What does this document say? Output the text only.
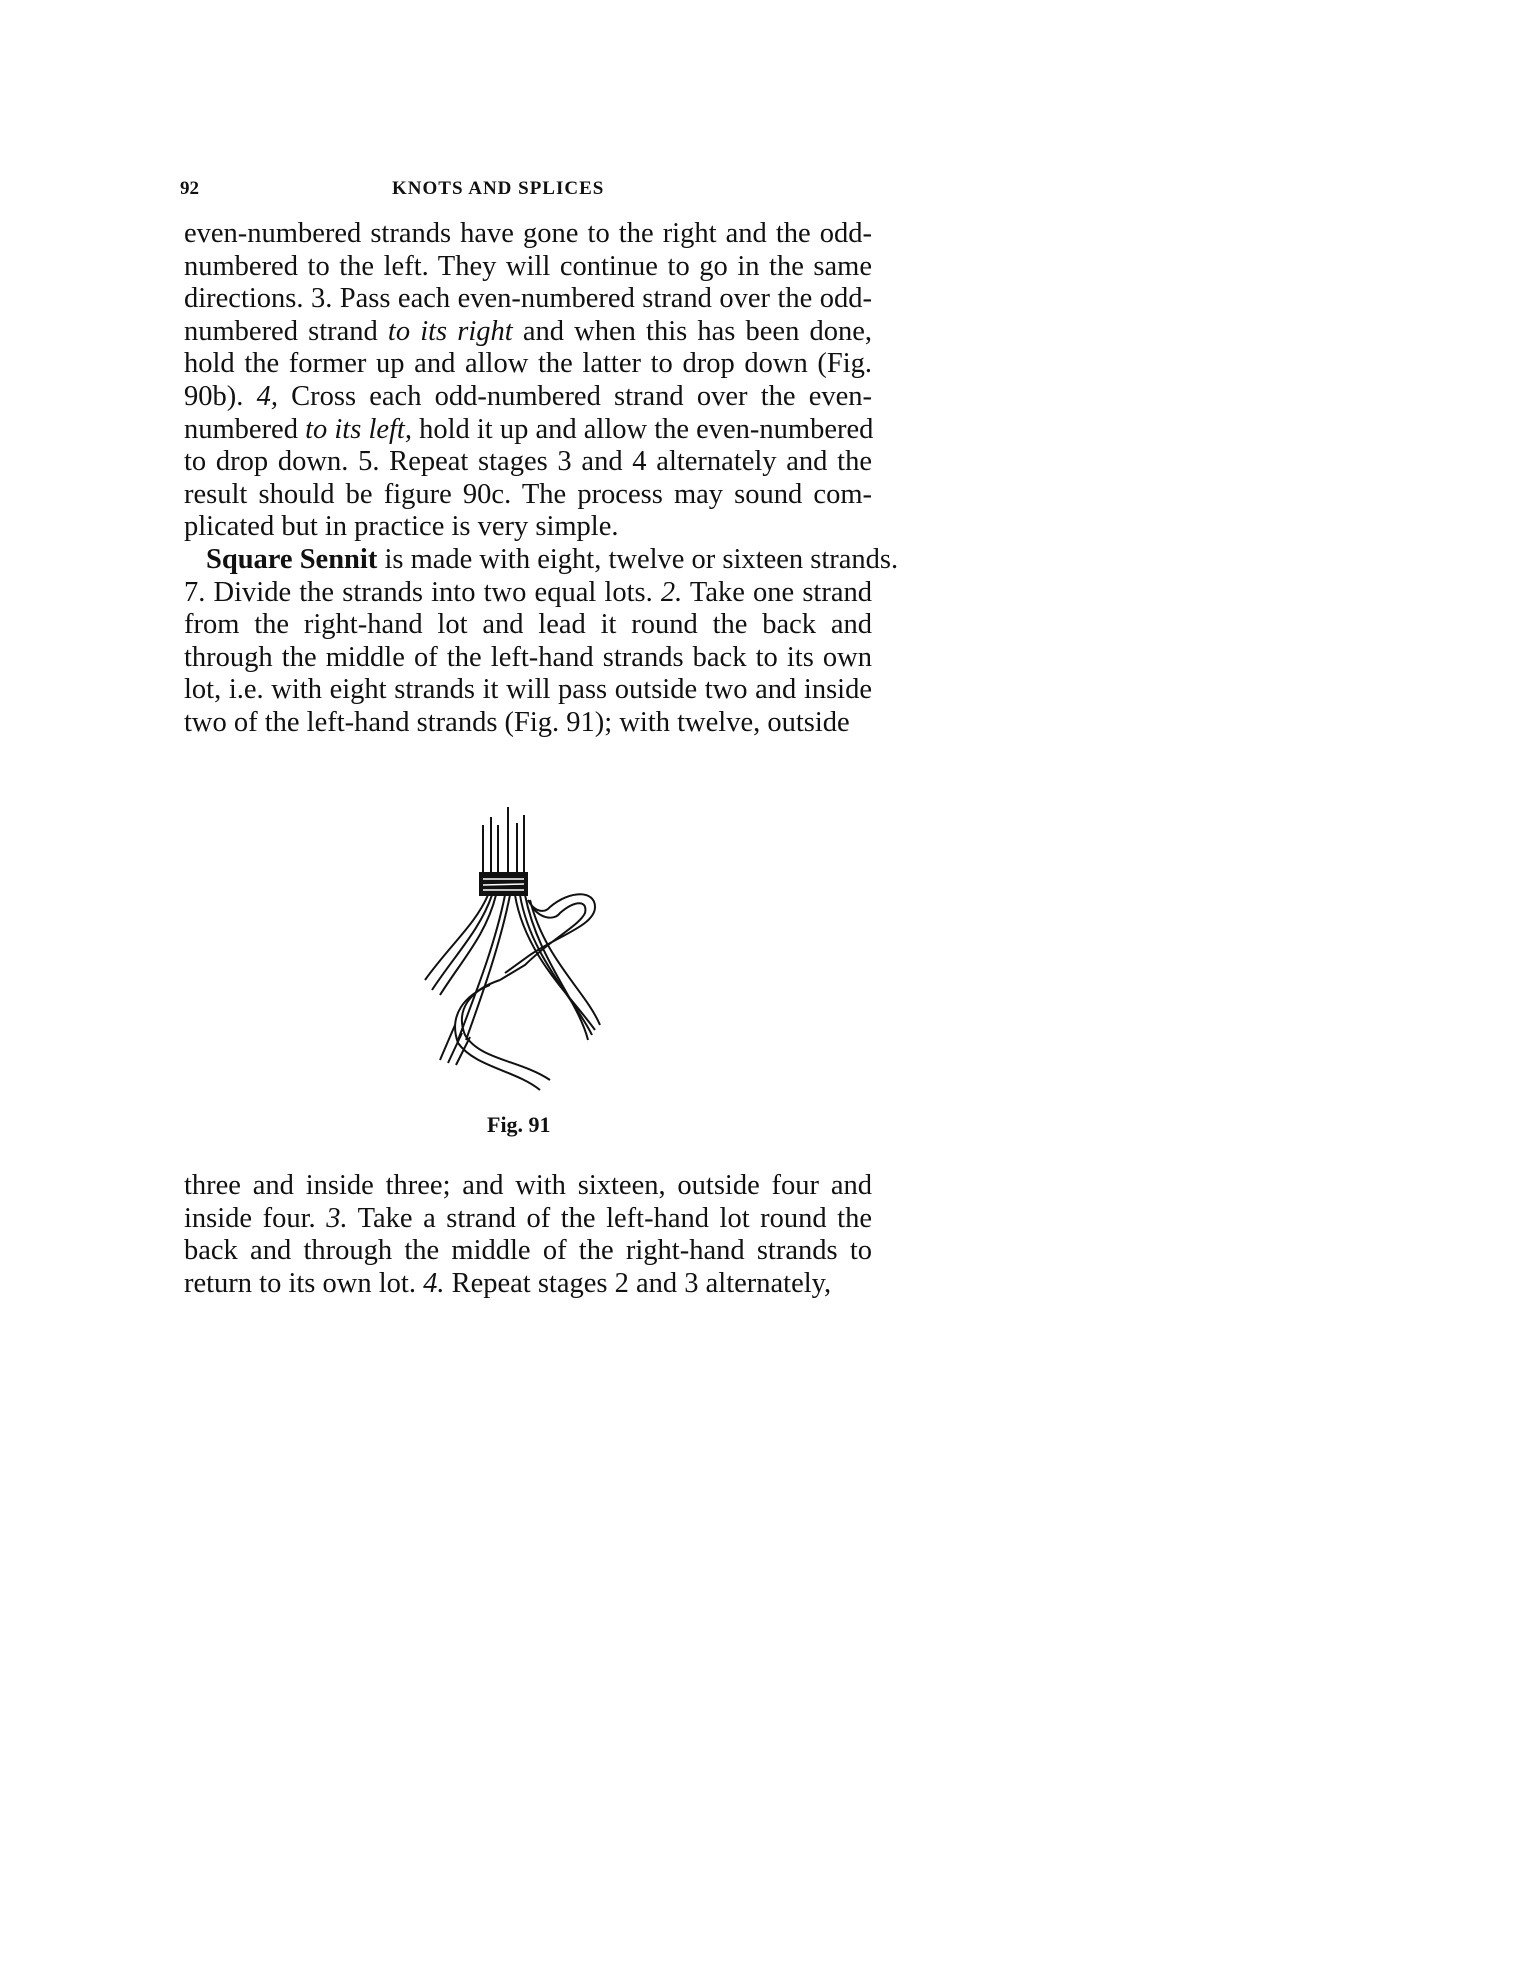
92	KNOTS AND SPLICES
even-numbered strands have gone to the right and the odd-
numbered to the left. They will continue to go in the same
directions. 3. Pass each even-numbered strand over the odd-
numbered strand to its right and when this has been done,
hold the former up and allow the latter to drop down (Fig.
90b). 4, Cross each odd-numbered strand over the even-
numbered to its left, hold it up and allow the even-numbered
to drop down. 5. Repeat stages 3 and 4 alternately and the
result should be figure 90c. The process may sound com-
plicated but in practice is very simple.
Square Sennit is made with eight, twelve or sixteen strands.
7. Divide the strands into two equal lots. 2. Take one strand
from the right-hand lot and lead it round the back and
through the middle of the left-hand strands back to its own
lot, i.e. with eight strands it will pass outside two and inside
two of the left-hand strands (Fig. 91); with twelve, outside
Fig. 91
three and inside three; and with sixteen, outside four and
inside four. 3. Take a strand of the left-hand lot round the
back and through the middle of the right-hand strands to
return to its own lot. 4. Repeat stages 2 and 3 alternately,
